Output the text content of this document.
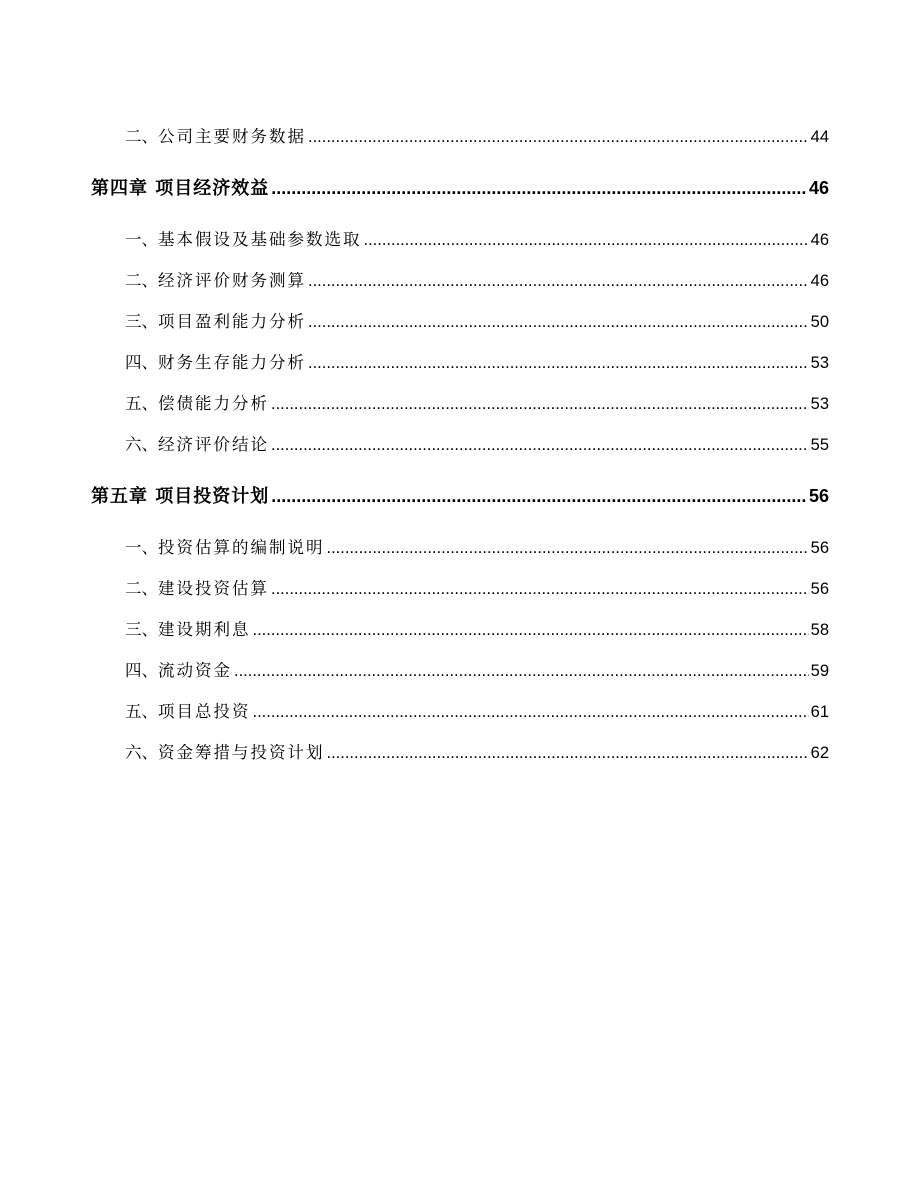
二、 公司主要财务数据 .....	44
第四章 项目经济效益 .....	46
一、 基本假设及基础参数选取 .....	46
二、 经济评价财务测算 .....	46
三、 项目盈利能力分析 .....	50
四、 财务生存能力分析 .....	53
五、 偿债能力分析 .....	53
六、 经济评价结论 .....	55
第五章 项目投资计划 .....	56
一、 投资估算的编制说明 .....	56
二、 建设投资估算 .....	56
三、 建设期利息 .....	58
四、 流动资金 .....	59
五、 项目总投资 .....	61
六、 资金筹措与投资计划 .....	62
